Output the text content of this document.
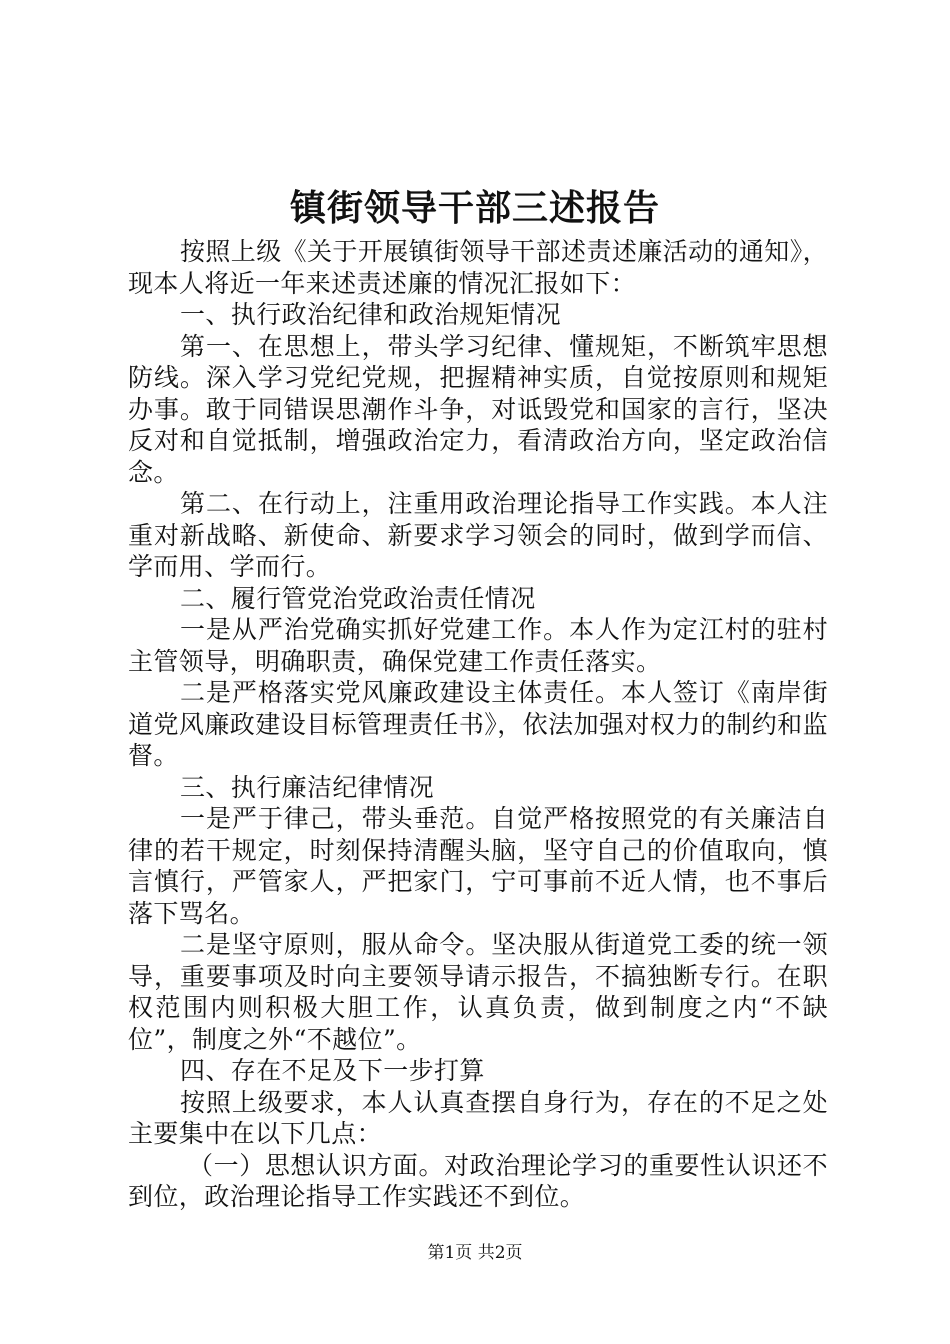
镇街领导干部三述报告

按照上级《关于开展镇街领导干部述责述廉活动的通知》，现本人将近一年来述责述廉的情况汇报如下：

一、执行政治纪律和政治规矩情况

第一、在思想上，带头学习纪律、懂规矩，不断筑牢思想防线。深入学习党纪党规，把握精神实质，自觉按原则和规矩办事。敢于同错误思潮作斗争，对诋毁党和国家的言行，坚决反对和自觉抵制，增强政治定力，看清政治方向，坚定政治信念。

第二、在行动上，注重用政治理论指导工作实践。本人注重对新战略、新使命、新要求学习领会的同时，做到学而信、学而用、学而行。

二、履行管党治党政治责任情况

一是从严治党确实抓好党建工作。本人作为定江村的驻村主管领导，明确职责，确保党建工作责任落实。

二是严格落实党风廉政建设主体责任。本人签订《南岸街道党风廉政建设目标管理责任书》，依法加强对权力的制约和监督。

三、执行廉洁纪律情况

一是严于律己，带头垂范。自觉严格按照党的有关廉洁自律的若干规定，时刻保持清醒头脑，坚守自己的价值取向，慎言慎行，严管家人，严把家门，宁可事前不近人情，也不事后落下骂名。

二是坚守原则，服从命令。坚决服从街道党工委的统一领导，重要事项及时向主要领导请示报告，不搞独断专行。在职权范围内则积极大胆工作，认真负责，做到制度之内“不缺位”，制度之外“不越位”。

四、存在不足及下一步打算

按照上级要求，本人认真查摆自身行为，存在的不足之处主要集中在以下几点：

（一）思想认识方面。对政治理论学习的重要性认识还不到位，政治理论指导工作实践还不到位。

第1页 共2页
